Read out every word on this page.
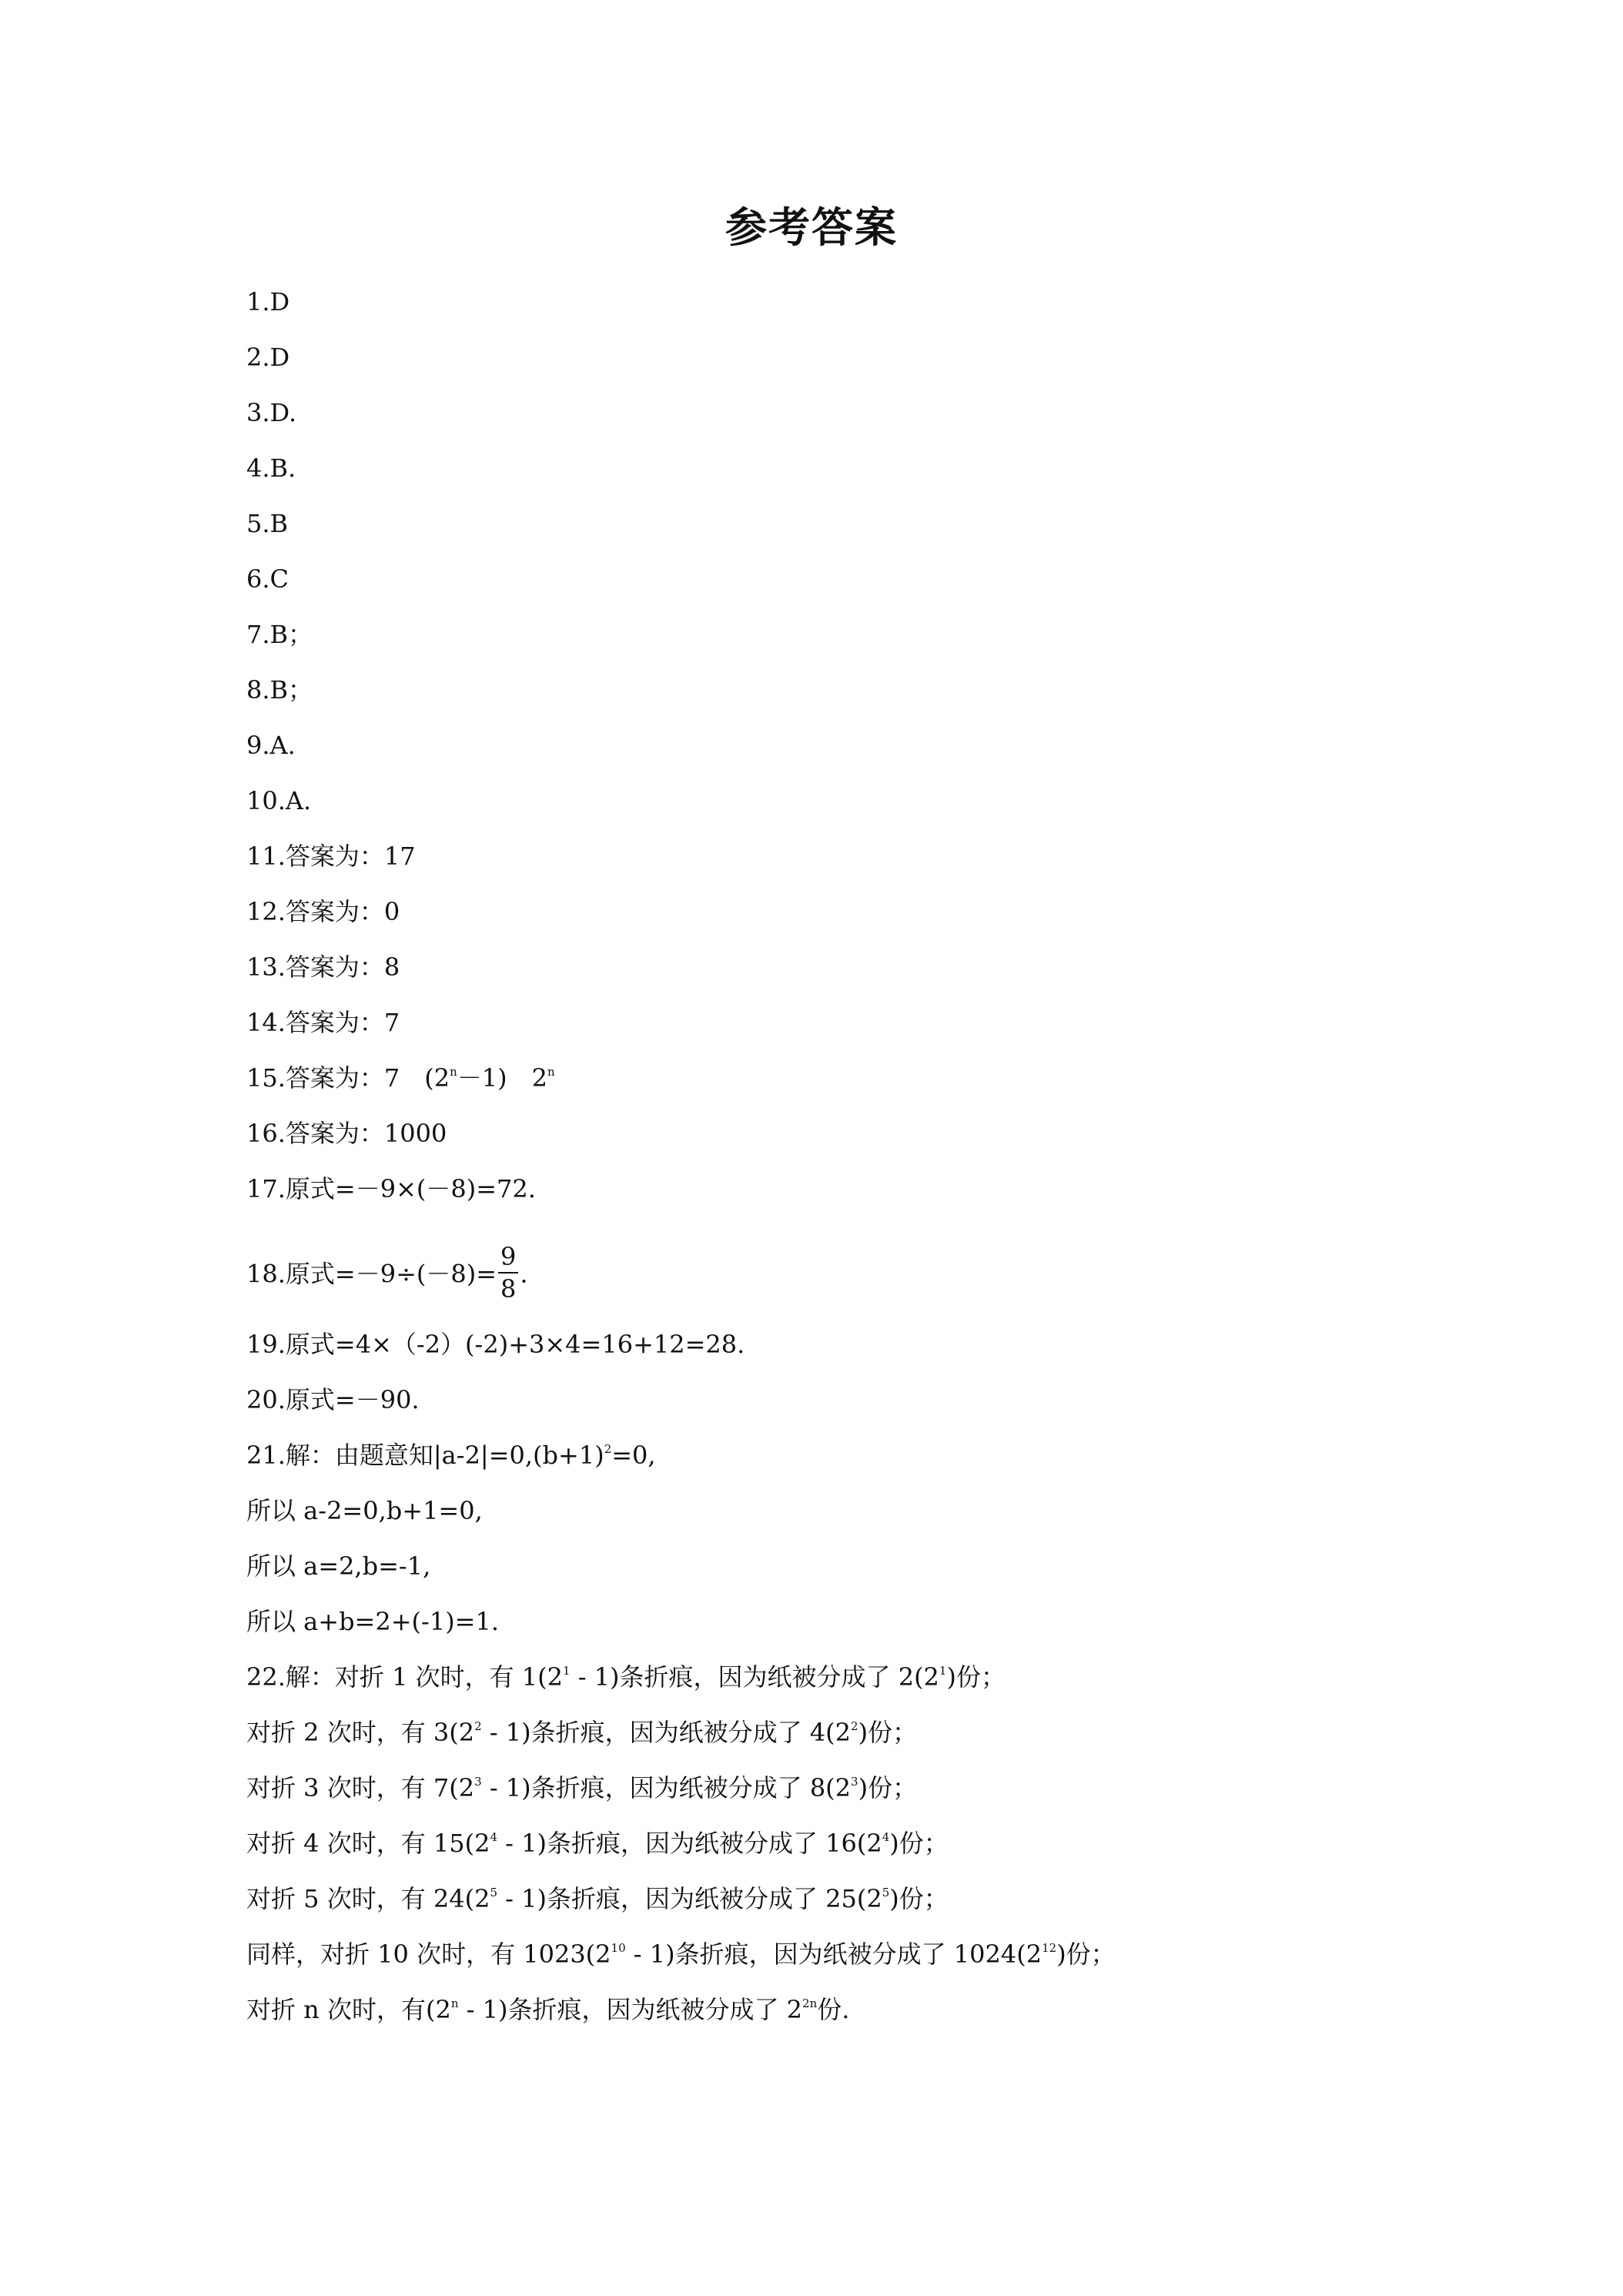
参考答案
1.D
2.D
3.D.
4.B.
5.B
6.C
7.B；
8.B；
9.A.
10.A.
11.答案为：17
12.答案为：0
13.答案为：8
14.答案为：7
15.答案为：7　$(2^n-1)$　2$^n$
16.答案为：1000
17.原式=－9×(－8)=72.
18.原式$=-9\div(-8)= \frac{9}{8}$ .
19.原式=4×（-2）(-2)+3×4=16+12=28.
20.原式=－90.
21.解：由题意知$|a-2|=0,(b+1)^2=0$,
所以 a-2=0,b+1=0,
所以 a=2,b=-1,
所以 a+b=2+(-1)=1.
22.解：对折 1 次时，有 $1(2^1 - 1)$条折痕，因为纸被分成了 $2(2^1)$份；
对折 2 次时，有 $3(2^2 - 1)$条折痕，因为纸被分成了 $4(2^2)$份；
对折 3 次时，有 $7(2^3 - 1)$条折痕，因为纸被分成了 $8(2^3)$份；
对折 4 次时，有 $15(2^4 - 1)$条折痕，因为纸被分成了 $16(2^4)$份；
对折 5 次时，有 $24(2^5 - 1)$条折痕，因为纸被分成了 $25(2^5)$份；
同样，对折 10 次时，有 $1023(2^{10} - 1)$条折痕，因为纸被分成了 $1024(2^{12})$份；
对折 n 次时，有(2$^n$ - 1)条折痕，因为纸被分成了 $2^{2n}$份.
